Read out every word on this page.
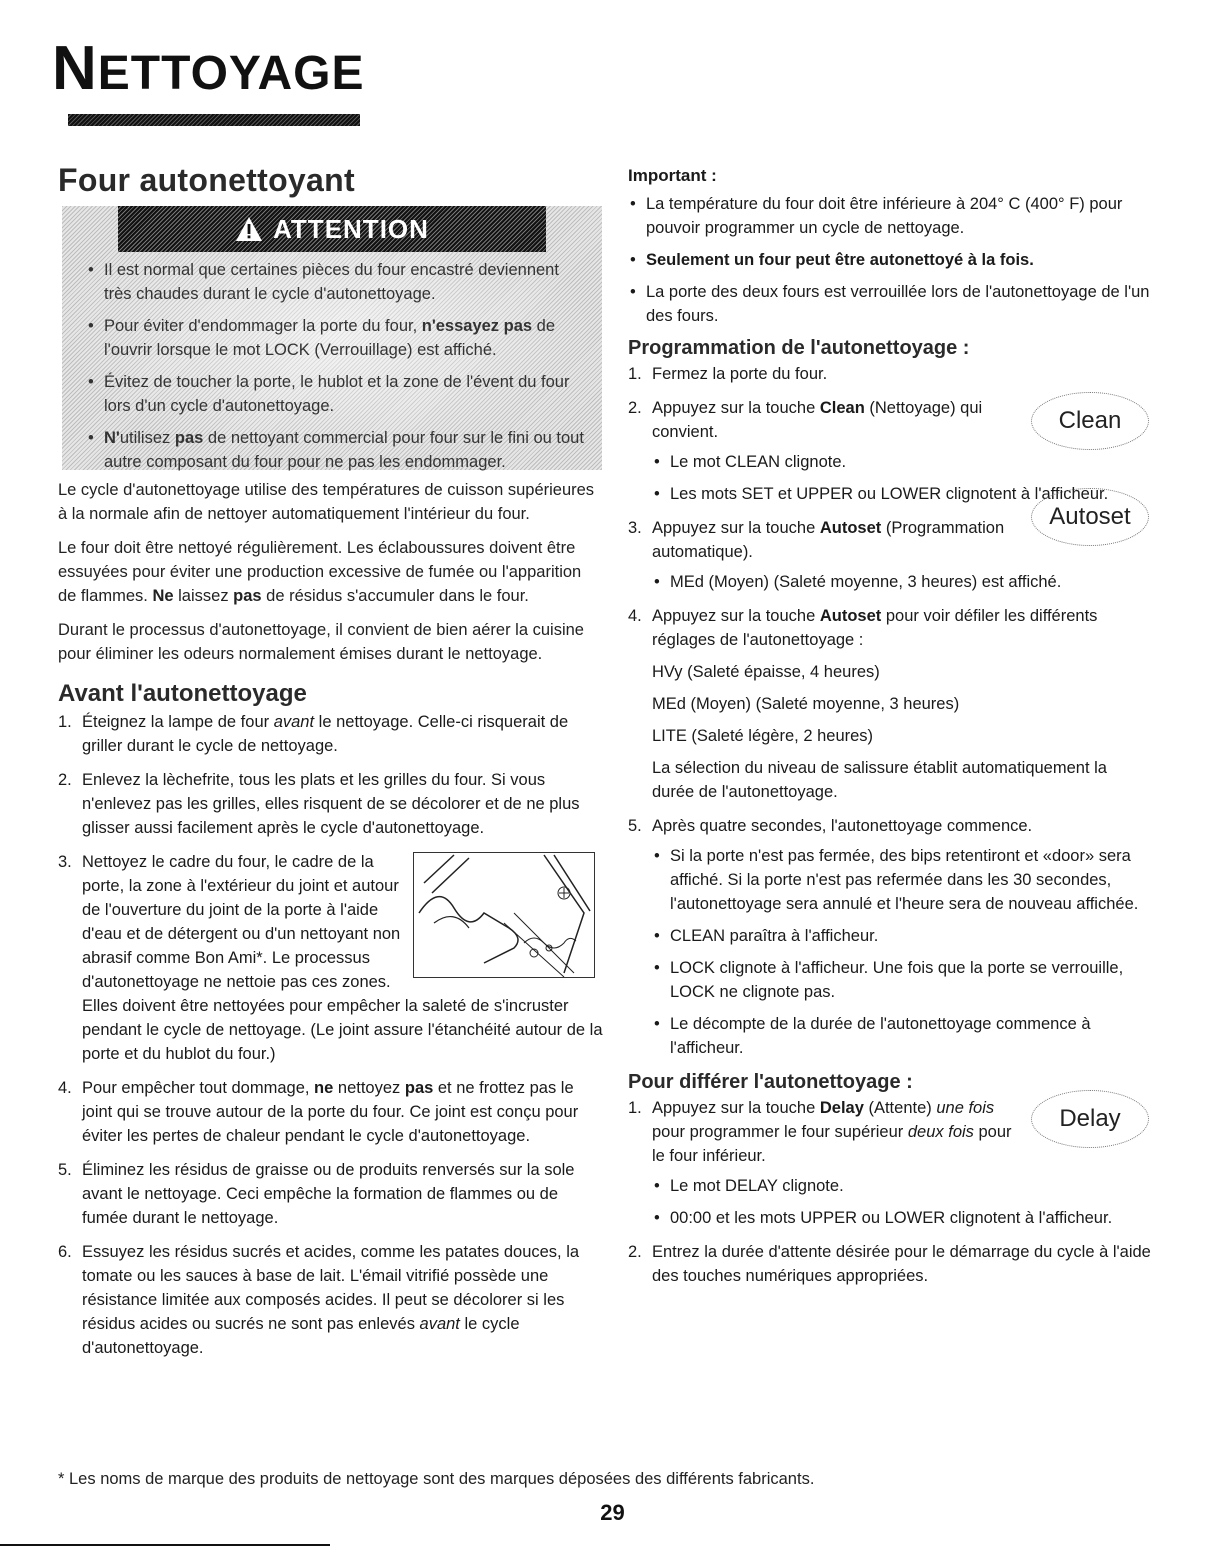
NETTOYAGE
Four autonettoyant
ATTENTION
• Il est normal que certaines pièces du four encastré deviennent très chaudes durant le cycle d'autonettoyage.
• Pour éviter d'endommager la porte du four, n'essayez pas de l'ouvrir lorsque le mot LOCK (Verrouillage) est affiché.
• Évitez de toucher la porte, le hublot et la zone de l'évent du four lors d'un cycle d'autonettoyage.
• N'utilisez pas de nettoyant commercial pour four sur le fini ou tout autre composant du four pour ne pas les endommager.

Le cycle d'autonettoyage utilise des températures de cuisson supérieures à la normale afin de nettoyer automatiquement l'intérieur du four.

Le four doit être nettoyé régulièrement. Les éclaboussures doivent être essuyées pour éviter une production excessive de fumée ou l'apparition de flammes. Ne laissez pas de résidus s'accumuler dans le four.

Durant le processus d'autonettoyage, il convient de bien aérer la cuisine pour éliminer les odeurs normalement émises durant le nettoyage.

Avant l'autonettoyage
1. Éteignez la lampe de four avant le nettoyage. Celle-ci risquerait de griller durant le cycle de nettoyage.
2. Enlevez la lèchefrite, tous les plats et les grilles du four. Si vous n'enlevez pas les grilles, elles risquent de se décolorer et de ne plus glisser aussi facilement après le cycle d'autonettoyage.
3. Nettoyez le cadre du four, le cadre de la porte, la zone à l'extérieur du joint et autour de l'ouverture du joint de la porte à l'aide d'eau et de détergent ou d'un nettoyant non abrasif comme Bon Ami*. Le processus d'autonettoyage ne nettoie pas ces zones. Elles doivent être nettoyées pour empêcher la saleté de s'incruster pendant le cycle de nettoyage. (Le joint assure l'étanchéité autour de la porte et du hublot du four.)
4. Pour empêcher tout dommage, ne nettoyez pas et ne frottez pas le joint qui se trouve autour de la porte du four. Ce joint est conçu pour éviter les pertes de chaleur pendant le cycle d'autonettoyage.
5. Éliminez les résidus de graisse ou de produits renversés sur la sole avant le nettoyage. Ceci empêche la formation de flammes ou de fumée durant le nettoyage.
6. Essuyez les résidus sucrés et acides, comme les patates douces, la tomate ou les sauces à base de lait. L'émail vitrifié possède une résistance limitée aux composés acides. Il peut se décolorer si les résidus acides ou sucrés ne sont pas enlevés avant le cycle d'autonettoyage.
Important :
• La température du four doit être inférieure à 204° C (400° F) pour pouvoir programmer un cycle de nettoyage.
• Seulement un four peut être autonettoyé à la fois.
• La porte des deux fours est verrouillée lors de l'autonettoyage de l'un des fours.
Programmation de l'autonettoyage :
1. Fermez la porte du four.
2.	Clean
Appuyez sur la touche Clean (Nettoyage) qui convient.
• Le mot CLEAN clignote.
• Les mots SET et UPPER ou LOWER clignotent à l'afficheur.
3.	Autoset
Appuyez sur la touche Autoset (Programmation automatique).
• MEd (Moyen) (Saleté moyenne, 3 heures) est affiché.
4. Appuyez sur la touche Autoset pour voir défiler les différents réglages de l'autonettoyage :
HVy (Saleté épaisse, 4 heures)
MEd (Moyen) (Saleté moyenne, 3 heures)
LITE (Saleté légère, 2 heures)
La sélection du niveau de salissure établit automatiquement la durée de l'autonettoyage.
5. Après quatre secondes, l'autonettoyage commence.
• Si la porte n'est pas fermée, des bips retentiront et «door» sera affiché. Si la porte n'est pas refermée dans les 30 secondes, l'autonettoyage sera annulé et l'heure sera de nouveau affichée.
• CLEAN paraîtra à l'afficheur.
• LOCK clignote à l'afficheur. Une fois que la porte se verrouille, LOCK ne clignote pas.
• Le décompte de la durée de l'autonettoyage commence à l'afficheur.
Pour différer l'autonettoyage :
1.	Delay
Appuyez sur la touche Delay (Attente) une fois pour programmer le four supérieur deux fois pour le four inférieur.
• Le mot DELAY clignote.
• 00:00 et les mots UPPER ou LOWER clignotent à l'afficheur.
2. Entrez la durée d'attente désirée pour le démarrage du cycle à l'aide des touches numériques appropriées.
* Les noms de marque des produits de nettoyage sont des marques déposées des différents fabricants.
29
